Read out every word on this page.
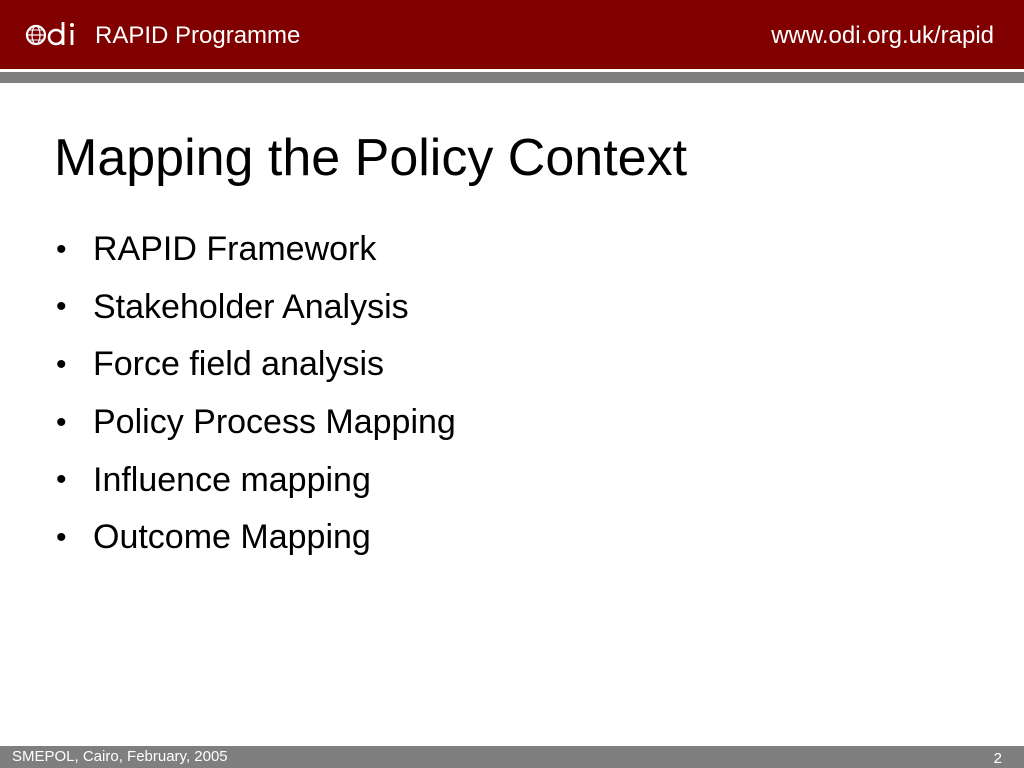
RAPID Programme	www.odi.org.uk/rapid
Mapping the Policy Context
• RAPID Framework
• Stakeholder Analysis
• Force field analysis
• Policy Process Mapping
• Influence mapping
• Outcome Mapping
SMEPOL, Cairo, February, 2005	2
